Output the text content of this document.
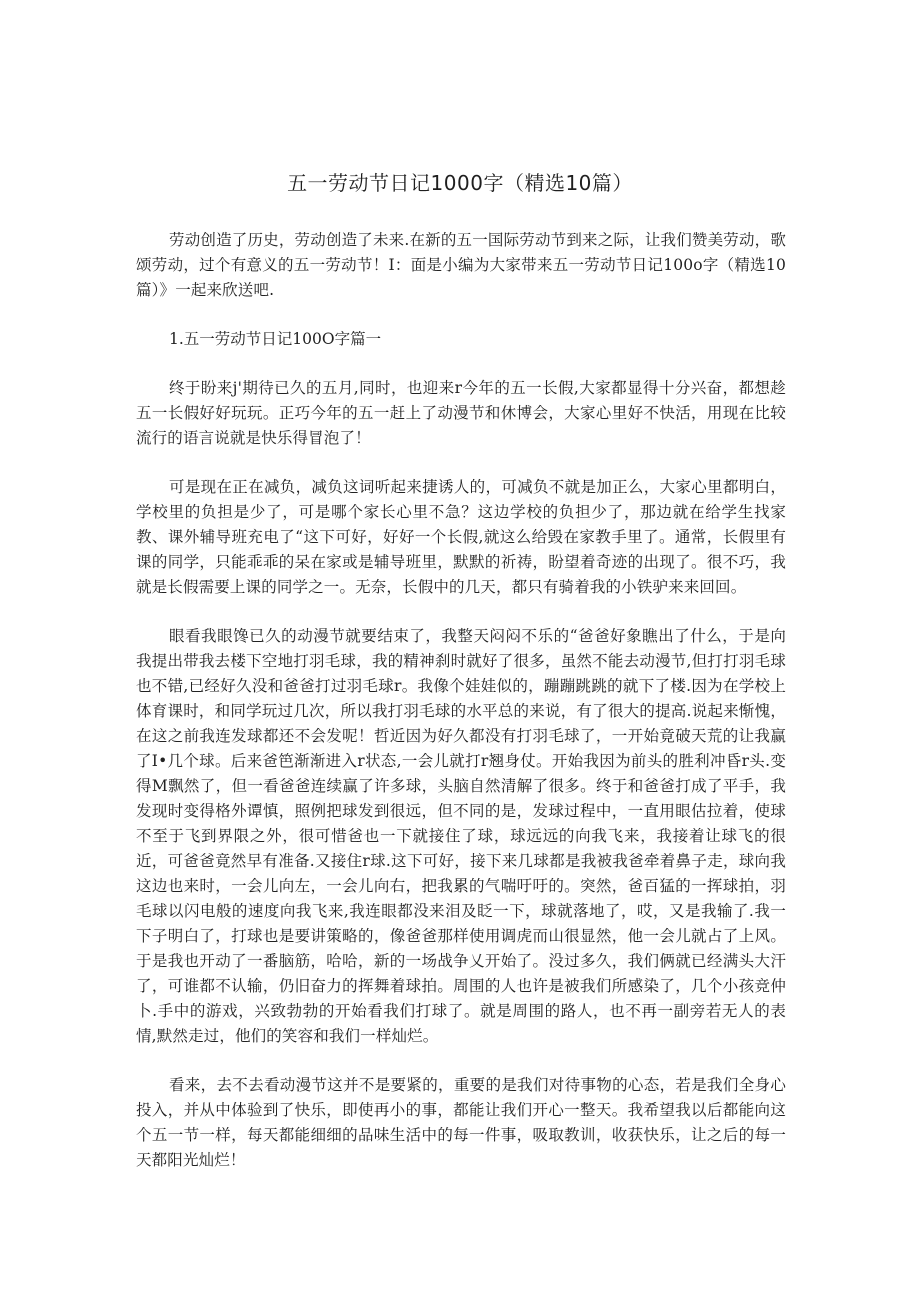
五一劳动节日记1000字（精选10篇）

劳动创造了历史，劳动创造了未来.在新的五一国际劳动节到来之际，让我们赞美劳动，歌颂劳动，过个有意义的五一劳动节！I：面是小编为大家带来五一劳动节日记100o字（精选10篇）》一起来欣送吧.

1.五一劳动节日记100O字篇一

终于盼来j'期待已久的五月,同时，也迎来r今年的五一长假,大家都显得十分兴奋，都想趁五一长假好好玩玩。正巧今年的五一赶上了动漫节和休博会，大家心里好不快活，用现在比较流行的语言说就是快乐得冒泡了！

可是现在正在减负，减负这词听起来捷诱人的，可减负不就是加正么，大家心里都明白，学校里的负担是少了，可是哪个家长心里不急？这边学校的负担少了，那边就在给学生找家教、课外辅导班充电了“这下可好，好好一个长假,就这么给毁在家教手里了。通常，长假里有课的同学，只能乖乖的呆在家或是辅导班里，默默的祈祷，盼望着奇迹的出现了。很不巧，我就是长假需要上课的同学之一。无奈，长假中的几天，都只有骑着我的小铁驴来来回回。

眼看我眼馋已久的动漫节就要结束了，我整天闷闷不乐的“爸爸好象瞧出了什么，于是向我提出带我去楼下空地打羽毛球，我的精神刹时就好了很多，虽然不能去动漫节,但打打羽毛球也不错,已经好久没和爸爸打过羽毛球r。我像个娃娃似的，蹦蹦跳跳的就下了楼.因为在学校上体育课时，和同学玩过几次，所以我打羽毛球的水平总的来说，有了很大的提高.说起来惭愧，在这之前我连发球都还不会发呢！哲近因为好久都没有打羽毛球了，一开始竟破天荒的让我赢了I•几个球。后来爸笆渐渐进入r状态,一会儿就打r翘身仗。开始我因为前头的胜利冲昏r头.变得M飘然了，但一看爸爸连续赢了许多球，头脑自然清解了很多。终于和爸爸打成了平手，我发现时变得格外谭慎，照例把球发到很远，但不同的是，发球过程中，一直用眼估拉着，使球不至于飞到界限之外，很可惜爸也一下就接住了球，球远远的向我飞来，我接着让球飞的很近，可爸爸竟然早有准备.又接住r球.这下可好，接下来几球都是我被我爸牵着鼻子走，球向我这边也来时，一会儿向左，一会儿向右，把我累的气喘吁吁的。突然，爸百猛的一挥球拍，羽毛球以闪电般的速度向我飞来,我连眼都没来泪及眨一下，球就落地了，哎，又是我输了.我一下子明白了，打球也是要讲策略的，像爸爸那样使用调虎而山很显然，他一会儿就占了上风。于是我也开动了一番脑筋，哈哈，新的一场战争乂开始了。没过多久，我们俩就已经满头大汗了，可谁都不认输，仍旧奋力的挥舞着球拍。周围的人也许是被我们所感染了，几个小孩竞仲卜.手中的游戏，兴致勃勃的开始看我们打球了。就是周围的路人，也不再一副旁若无人的表情,默然走过，他们的笑容和我们一样灿烂。

看来，去不去看动漫节这并不是要紧的，重要的是我们对待事物的心态，若是我们全身心投入，并从中体验到了快乐，即使再小的事，都能让我们开心一整天。我希望我以后都能向这个五一节一样，每天都能细细的品味生活中的每一件事，吸取教训，收获快乐，让之后的每一天都阳光灿烂！
